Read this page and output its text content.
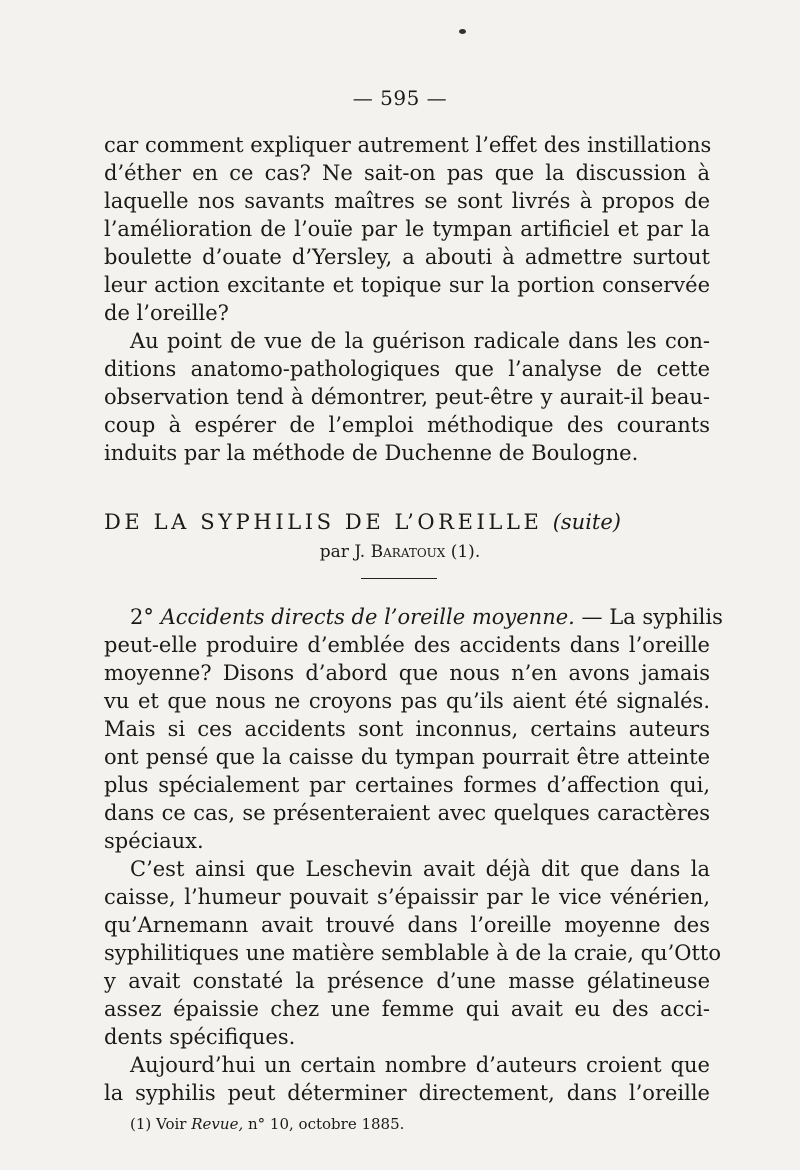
— 595 —
car comment expliquer autrement l’effet des instillations
d’éther en ce cas? Ne sait-on pas que la discussion à
laquelle nos savants maîtres se sont livrés à propos de
l’amélioration de l’ouïe par le tympan artificiel et par la
boulette d’ouate d’Yersley, a abouti à admettre surtout
leur action excitante et topique sur la portion conservée
de l’oreille?
Au point de vue de la guérison radicale dans les con-
ditions anatomo-pathologiques que l’analyse de cette
observation tend à démontrer, peut-être y aurait-il beau-
coup à espérer de l’emploi méthodique des courants
induits par la méthode de Duchenne de Boulogne.
DE LA SYPHILIS DE L’OREILLE (suite)
par J. Baratoux (1).
2° Accidents directs de l’oreille moyenne. — La syphilis
peut-elle produire d’emblée des accidents dans l’oreille
moyenne? Disons d’abord que nous n’en avons jamais
vu et que nous ne croyons pas qu’ils aient été signalés.
Mais si ces accidents sont inconnus, certains auteurs
ont pensé que la caisse du tympan pourrait être atteinte
plus spécialement par certaines formes d’affection qui,
dans ce cas, se présenteraient avec quelques caractères
spéciaux.
C’est ainsi que Leschevin avait déjà dit que dans la
caisse, l’humeur pouvait s’épaissir par le vice vénérien,
qu’Arnemann avait trouvé dans l’oreille moyenne des
syphilitiques une matière semblable à de la craie, qu’Otto
y avait constaté la présence d’une masse gélatineuse
assez épaissie chez une femme qui avait eu des acci-
dents spécifiques.
Aujourd’hui un certain nombre d’auteurs croient que
la syphilis peut déterminer directement, dans l’oreille
(1) Voir Revue, n° 10, octobre 1885.
